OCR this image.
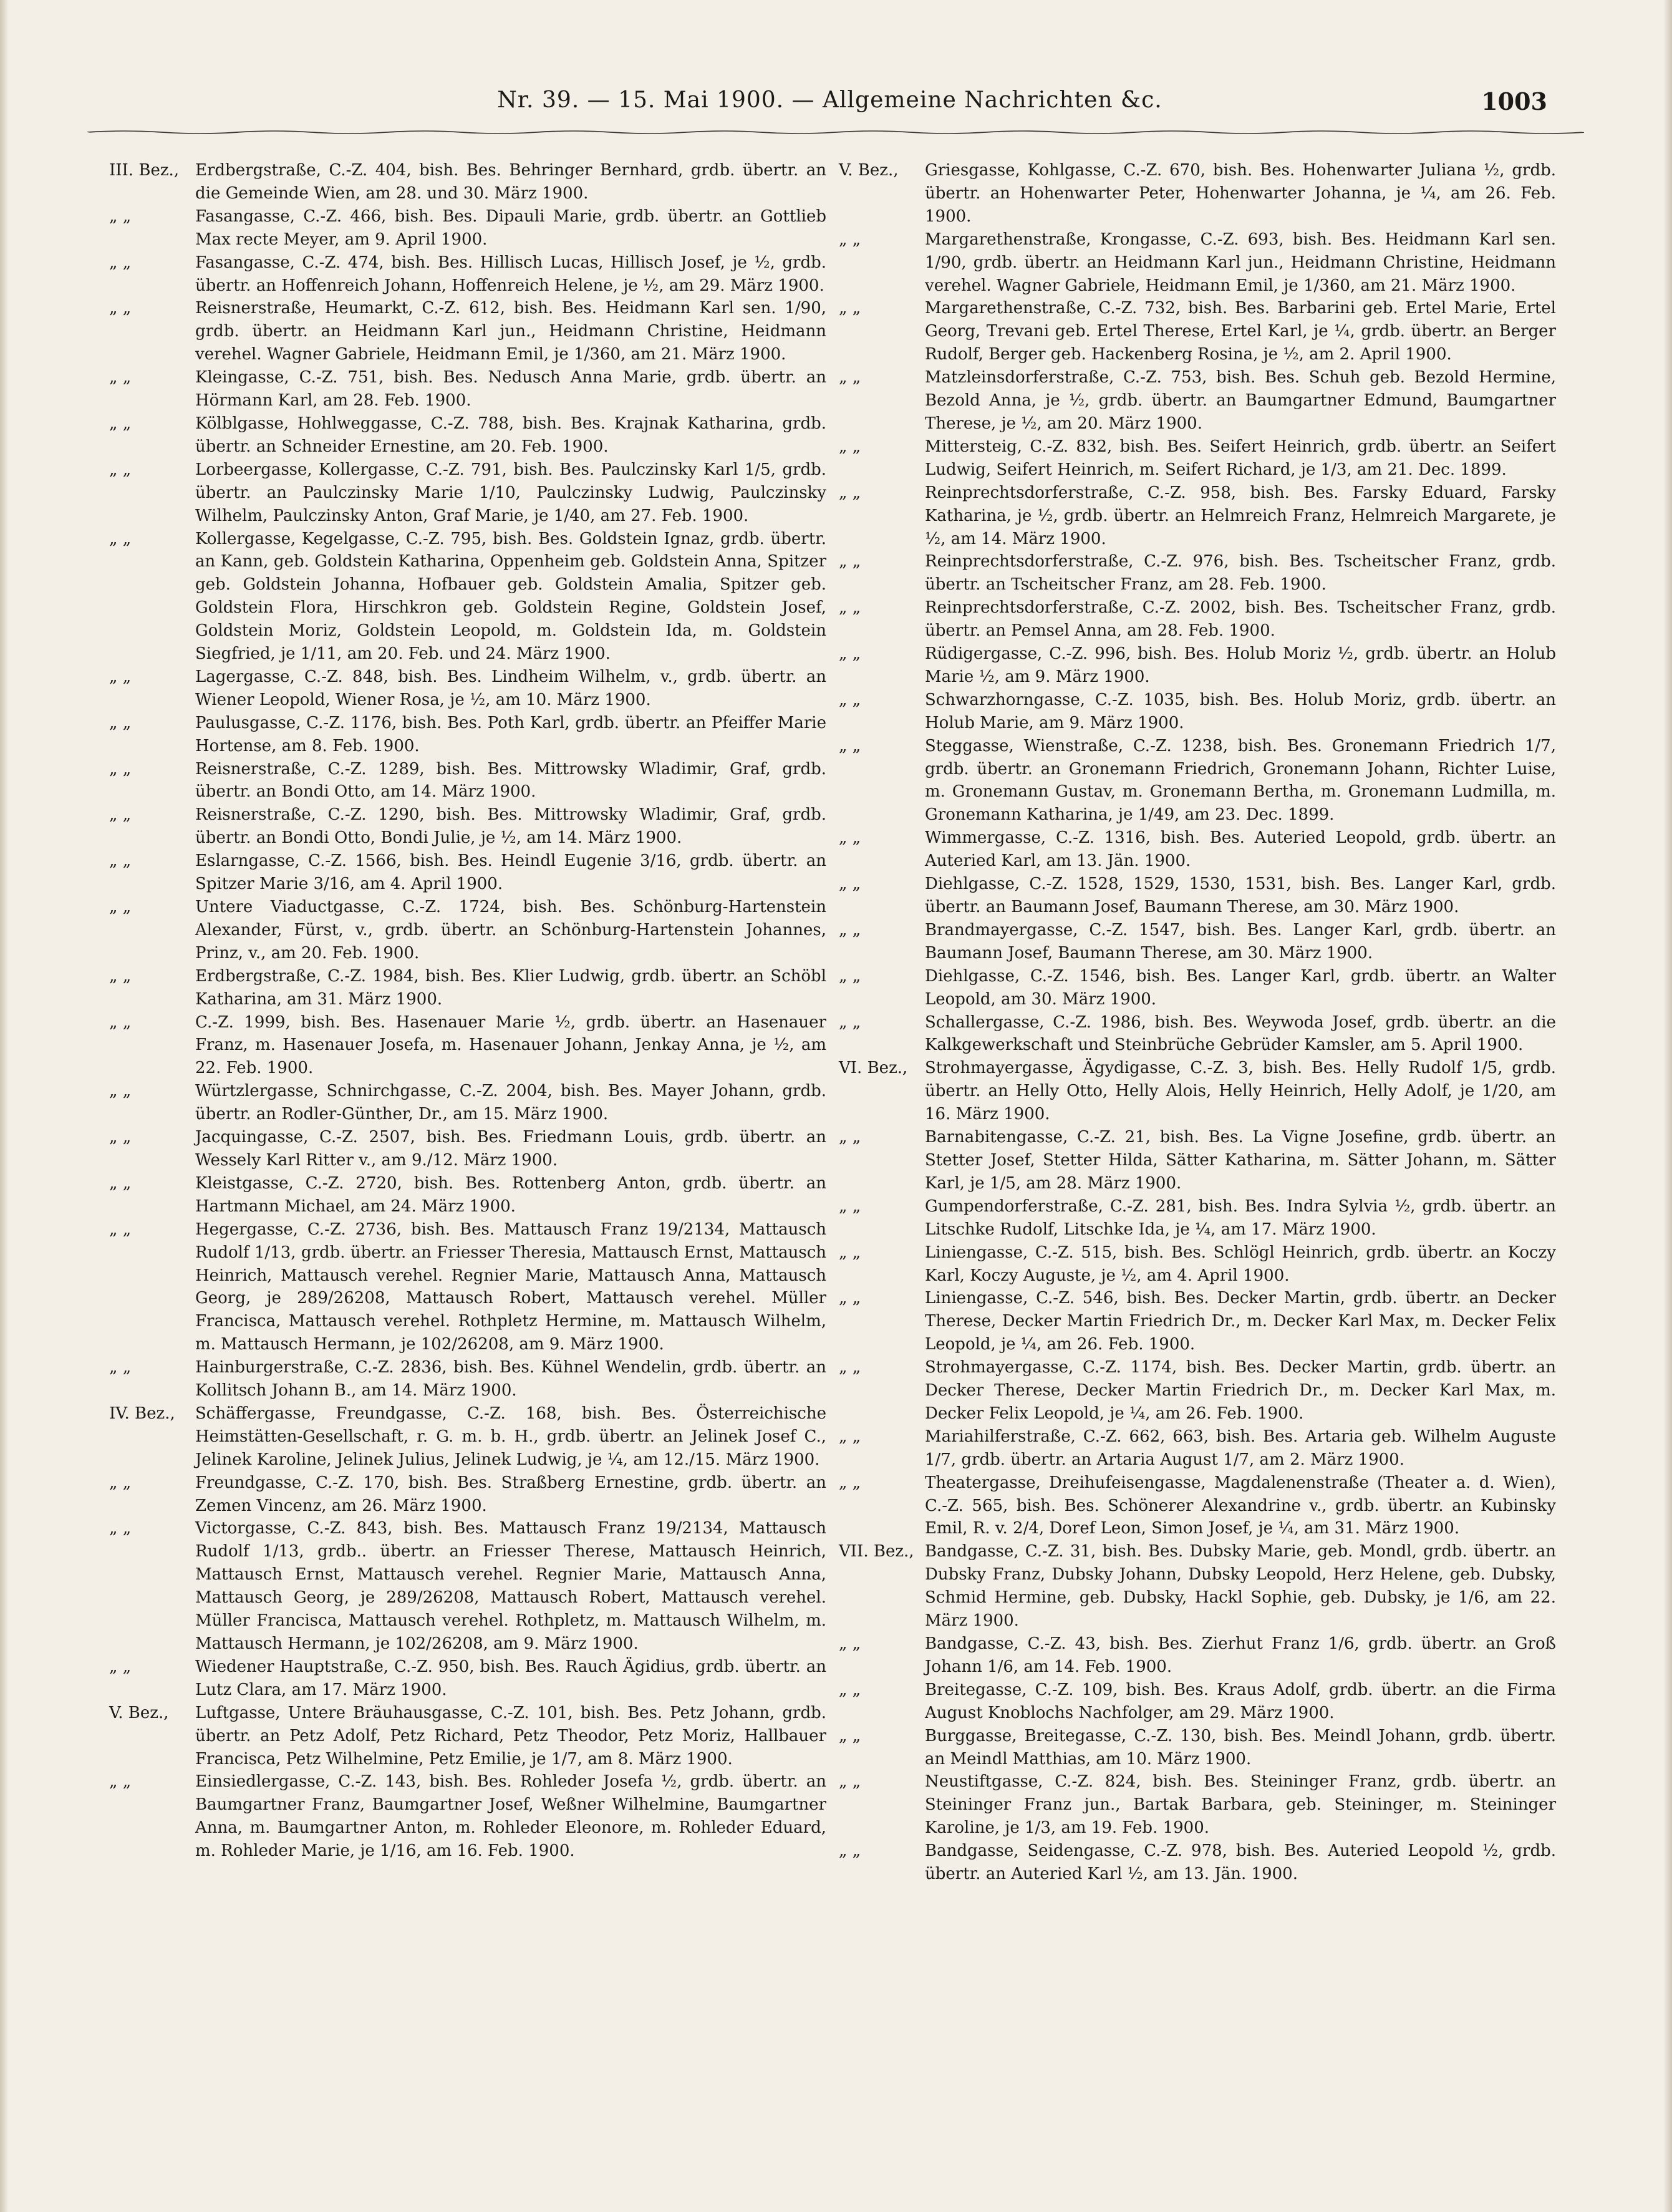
Nr. 39. — 15. Mai 1900. — Allgemeine Nachrichten &c.	1003
III. Bez., Erdbergstraße, C.-Z. 404, bish. Bes. Behringer Bernhard, grdb. übertr. an die Gemeinde Wien, am 28. und 30. März 1900.
„ „	Fasangasse, C.-Z. 466, bish. Bes. Dipauli Marie, grdb. übertr. an Gottlieb Max recte Meyer, am 9. April 1900.
„ „	Fasangasse, C.-Z. 474, bish. Bes. Hillisch Lucas, Hillisch Josef, je ½, grdb. übertr. an Hoffenreich Johann, Hoffenreich Helene, je ½, am 29. März 1900.
„ „	Reisnerstraße, Heumarkt, C.-Z. 612, bish. Bes. Heidmann Karl sen. 1/90, grdb. übertr. an Heidmann Karl jun., Heidmann Christine, Heidmann verehel. Wagner Gabriele, Heidmann Emil, je 1/360, am 21. März 1900.
„ „	Kleingasse, C.-Z. 751, bish. Bes. Nedusch Anna Marie, grdb. übertr. an Hörmann Karl, am 28. Feb. 1900.
„ „	Kölblgasse, Hohlweggasse, C.-Z. 788, bish. Bes. Krajnak Katharina, grdb. übertr. an Schneider Ernestine, am 20. Feb. 1900.
„ „	Lorbeergasse, Kollergasse, C.-Z. 791, bish. Bes. Paulczinsky Karl 1/5, grdb. übertr. an Paulczinsky Marie 1/10, Paulczinsky Ludwig, Paulczinsky Wilhelm, Paulczinsky Anton, Graf Marie, je 1/40, am 27. Feb. 1900.
„ „	Kollergasse, Kegelgasse, C.-Z. 795, bish. Bes. Goldstein Ignaz, grdb. übertr. an Kann, geb. Goldstein Katharina, Oppenheim geb. Goldstein Anna, Spitzer geb. Goldstein Johanna, Hofbauer geb. Goldstein Amalia, Spitzer geb. Goldstein Flora, Hirschkron geb. Goldstein Regine, Goldstein Josef, Goldstein Moriz, Goldstein Leopold, m. Goldstein Ida, m. Goldstein Siegfried, je 1/11, am 20. Feb. und 24. März 1900.
„ „	Lagergasse, C.-Z. 848, bish. Bes. Lindheim Wilhelm, v., grdb. übertr. an Wiener Leopold, Wiener Rosa, je ½, am 10. März 1900.
„ „	Paulusgasse, C.-Z. 1176, bish. Bes. Poth Karl, grdb. übertr. an Pfeiffer Marie Hortense, am 8. Feb. 1900.
„ „	Reisnerstraße, C.-Z. 1289, bish. Bes. Mittrowsky Wladimir, Graf, grdb. übertr. an Bondi Otto, am 14. März 1900.
„ „	Reisnerstraße, C.-Z. 1290, bish. Bes. Mittrowsky Wladimir, Graf, grdb. übertr. an Bondi Otto, Bondi Julie, je ½, am 14. März 1900.
„ „	Eslarngasse, C.-Z. 1566, bish. Bes. Heindl Eugenie 3/16, grdb. übertr. an Spitzer Marie 3/16, am 4. April 1900.
„ „	Untere Viaductgasse, C.-Z. 1724, bish. Bes. Schönburg-Hartenstein Alexander, Fürst, v., grdb. übertr. an Schönburg-Hartenstein Johannes, Prinz, v., am 20. Feb. 1900.
„ „	Erdbergstraße, C.-Z. 1984, bish. Bes. Klier Ludwig, grdb. übertr. an Schöbl Katharina, am 31. März 1900.
„ „	C.-Z. 1999, bish. Bes. Hasenauer Marie ½, grdb. übertr. an Hasenauer Franz, m. Hasenauer Josefa, m. Hasenauer Johann, Jenkay Anna, je ½, am 22. Feb. 1900.
„ „	Würtzlergasse, Schnirchgasse, C.-Z. 2004, bish. Bes. Mayer Johann, grdb. übertr. an Rodler-Günther, Dr., am 15. März 1900.
„ „	Jacquingasse, C.-Z. 2507, bish. Bes. Friedmann Louis, grdb. übertr. an Wessely Karl Ritter v., am 9./12. März 1900.
„ „	Kleistgasse, C.-Z. 2720, bish. Bes. Rottenberg Anton, grdb. übertr. an Hartmann Michael, am 24. März 1900.
„ „	Hegergasse, C.-Z. 2736, bish. Bes. Mattausch Franz 19/2134, Mattausch Rudolf 1/13, grdb. übertr. an Friesser Theresia, Mattausch Ernst, Mattausch Heinrich, Mattausch verehel. Regnier Marie, Mattausch Anna, Mattausch Georg, je 289/26208, Mattausch Robert, Mattausch verehel. Müller Francisca, Mattausch verehel. Rothpletz Hermine, m. Mattausch Wilhelm, m. Mattausch Hermann, je 102/26208, am 9. März 1900.
„ „	Hainburgerstraße, C.-Z. 2836, bish. Bes. Kühnel Wendelin, grdb. übertr. an Kollitsch Johann B., am 14. März 1900.
IV. Bez.,	Schäffergasse, Freundgasse, C.-Z. 168, bish. Bes. Österreichische Heimstätten-Gesellschaft, r. G. m. b. H., grdb. übertr. an Jelinek Josef C., Jelinek Karoline, Jelinek Julius, Jelinek Ludwig, je ¼, am 12./15. März 1900.
„ „	Freundgasse, C.-Z. 170, bish. Bes. Straßberg Ernestine, grdb. übertr. an Zemen Vincenz, am 26. März 1900.
„ „	Victorgasse, C.-Z. 843, bish. Bes. Mattausch Franz 19/2134, Mattausch Rudolf 1/13, grdb.. übertr. an Friesser Therese, Mattausch Heinrich, Mattausch Ernst, Mattausch verehel. Regnier Marie, Mattausch Anna, Mattausch Georg, je 289/26208, Mattausch Robert, Mattausch verehel. Müller Francisca, Mattausch verehel. Rothpletz, m. Mattausch Wilhelm, m. Mattausch Hermann, je 102/26208, am 9. März 1900.
„ „	Wiedener Hauptstraße, C.-Z. 950, bish. Bes. Rauch Ägidius, grdb. übertr. an Lutz Clara, am 17. März 1900.
V. Bez.,	Luftgasse, Untere Bräuhausgasse, C.-Z. 101, bish. Bes. Petz Johann, grdb. übertr. an Petz Adolf, Petz Richard, Petz Theodor, Petz Moriz, Hallbauer Francisca, Petz Wilhelmine, Petz Emilie, je 1/7, am 8. März 1900.
„ „	Einsiedlergasse, C.-Z. 143, bish. Bes. Rohleder Josefa ½, grdb. übertr. an Baumgartner Franz, Baumgartner Josef, Weßner Wilhelmine, Baumgartner Anna, m. Baumgartner Anton, m. Rohleder Eleonore, m. Rohleder Eduard, m. Rohleder Marie, je 1/16, am 16. Feb. 1900.
V. Bez.,	Griesgasse, Kohlgasse, C.-Z. 670, bish. Bes. Hohenwarter Juliana ½, grdb. übertr. an Hohenwarter Peter, Hohenwarter Johanna, je ¼, am 26. Feb. 1900.
„ „	Margarethenstraße, Krongasse, C.-Z. 693, bish. Bes. Heidmann Karl sen. 1/90, grdb. übertr. an Heidmann Karl jun., Heidmann Christine, Heidmann verehel. Wagner Gabriele, Heidmann Emil, je 1/360, am 21. März 1900.
„ „	Margarethenstraße, C.-Z. 732, bish. Bes. Barbarini geb. Ertel Marie, Ertel Georg, Trevani geb. Ertel Therese, Ertel Karl, je ¼, grdb. übertr. an Berger Rudolf, Berger geb. Hackenberg Rosina, je ½, am 2. April 1900.
„ „	Matzleinsdorferstraße, C.-Z. 753, bish. Bes. Schuh geb. Bezold Hermine, Bezold Anna, je ½, grdb. übertr. an Baumgartner Edmund, Baumgartner Therese, je ½, am 20. März 1900.
„ „	Mittersteig, C.-Z. 832, bish. Bes. Seifert Heinrich, grdb. übertr. an Seifert Ludwig, Seifert Heinrich, m. Seifert Richard, je 1/3, am 21. Dec. 1899.
„ „	Reinprechtsdorferstraße, C.-Z. 958, bish. Bes. Farsky Eduard, Farsky Katharina, je ½, grdb. übertr. an Helmreich Franz, Helmreich Margarete, je ½, am 14. März 1900.
„ „	Reinprechtsdorferstraße, C.-Z. 976, bish. Bes. Tscheitscher Franz, grdb. übertr. an Tscheitscher Franz, am 28. Feb. 1900.
„ „	Reinprechtsdorferstraße, C.-Z. 2002, bish. Bes. Tscheitscher Franz, grdb. übertr. an Pemsel Anna, am 28. Feb. 1900.
„ „	Rüdigergasse, C.-Z. 996, bish. Bes. Holub Moriz ½, grdb. übertr. an Holub Marie ½, am 9. März 1900.
„ „	Schwarzhorngasse, C.-Z. 1035, bish. Bes. Holub Moriz, grdb. übertr. an Holub Marie, am 9. März 1900.
„ „	Steggasse, Wienstraße, C.-Z. 1238, bish. Bes. Gronemann Friedrich 1/7, grdb. übertr. an Gronemann Friedrich, Gronemann Johann, Richter Luise, m. Gronemann Gustav, m. Gronemann Bertha, m. Gronemann Ludmilla, m. Gronemann Katharina, je 1/49, am 23. Dec. 1899.
„ „	Wimmergasse, C.-Z. 1316, bish. Bes. Auteried Leopold, grdb. übertr. an Auteried Karl, am 13. Jän. 1900.
„ „	Diehlgasse, C.-Z. 1528, 1529, 1530, 1531, bish. Bes. Langer Karl, grdb. übertr. an Baumann Josef, Baumann Therese, am 30. März 1900.
„ „	Brandmayergasse, C.-Z. 1547, bish. Bes. Langer Karl, grdb. übertr. an Baumann Josef, Baumann Therese, am 30. März 1900.
„ „	Diehlgasse, C.-Z. 1546, bish. Bes. Langer Karl, grdb. übertr. an Walter Leopold, am 30. März 1900.
„ „	Schallergasse, C.-Z. 1986, bish. Bes. Weywoda Josef, grdb. übertr. an die Kalkgewerkschaft und Steinbrüche Gebrüder Kamsler, am 5. April 1900.
VI. Bez.,	Strohmayergasse, Ägydigasse, C.-Z. 3, bish. Bes. Helly Rudolf 1/5, grdb. übertr. an Helly Otto, Helly Alois, Helly Heinrich, Helly Adolf, je 1/20, am 16. März 1900.
„ „	Barnabitengasse, C.-Z. 21, bish. Bes. La Vigne Josefine, grdb. übertr. an Stetter Josef, Stetter Hilda, Sätter Katharina, m. Sätter Johann, m. Sätter Karl, je 1/5, am 28. März 1900.
„ „	Gumpendorferstraße, C.-Z. 281, bish. Bes. Indra Sylvia ½, grdb. übertr. an Litschke Rudolf, Litschke Ida, je ¼, am 17. März 1900.
„ „	Liniengasse, C.-Z. 515, bish. Bes. Schlögl Heinrich, grdb. übertr. an Koczy Karl, Koczy Auguste, je ½, am 4. April 1900.
„ „	Liniengasse, C.-Z. 546, bish. Bes. Decker Martin, grdb. übertr. an Decker Therese, Decker Martin Friedrich Dr., m. Decker Karl Max, m. Decker Felix Leopold, je ¼, am 26. Feb. 1900.
„ „	Strohmayergasse, C.-Z. 1174, bish. Bes. Decker Martin, grdb. übertr. an Decker Therese, Decker Martin Friedrich Dr., m. Decker Karl Max, m. Decker Felix Leopold, je ¼, am 26. Feb. 1900.
„ „	Mariahilferstraße, C.-Z. 662, 663, bish. Bes. Artaria geb. Wilhelm Auguste 1/7, grdb. übertr. an Artaria August 1/7, am 2. März 1900.
„ „	Theatergasse, Dreihufeisengasse, Magdalenenstraße (Theater a. d. Wien), C.-Z. 565, bish. Bes. Schönerer Alexandrine v., grdb. übertr. an Kubinsky Emil, R. v. 2/4, Doref Leon, Simon Josef, je ¼, am 31. März 1900.
VII. Bez., Bandgasse, C.-Z. 31, bish. Bes. Dubsky Marie, geb. Mondl, grdb. übertr. an Dubsky Franz, Dubsky Johann, Dubsky Leopold, Herz Helene, geb. Dubsky, Schmid Hermine, geb. Dubsky, Hackl Sophie, geb. Dubsky, je 1/6, am 22. März 1900.
„ „	Bandgasse, C.-Z. 43, bish. Bes. Zierhut Franz 1/6, grdb. übertr. an Groß Johann 1/6, am 14. Feb. 1900.
„ „	Breitegasse, C.-Z. 109, bish. Bes. Kraus Adolf, grdb. übertr. an die Firma August Knoblochs Nachfolger, am 29. März 1900.
„ „	Burggasse, Breitegasse, C.-Z. 130, bish. Bes. Meindl Johann, grdb. übertr. an Meindl Matthias, am 10. März 1900.
„ „	Neustiftgasse, C.-Z. 824, bish. Bes. Steininger Franz, grdb. übertr. an Steininger Franz jun., Bartak Barbara, geb. Steininger, m. Steininger Karoline, je 1/3, am 19. Feb. 1900.
„ „	Bandgasse, Seidengasse, C.-Z. 978, bish. Bes. Auteried Leopold ½, grdb. übertr. an Auteried Karl ½, am 13. Jän. 1900.
